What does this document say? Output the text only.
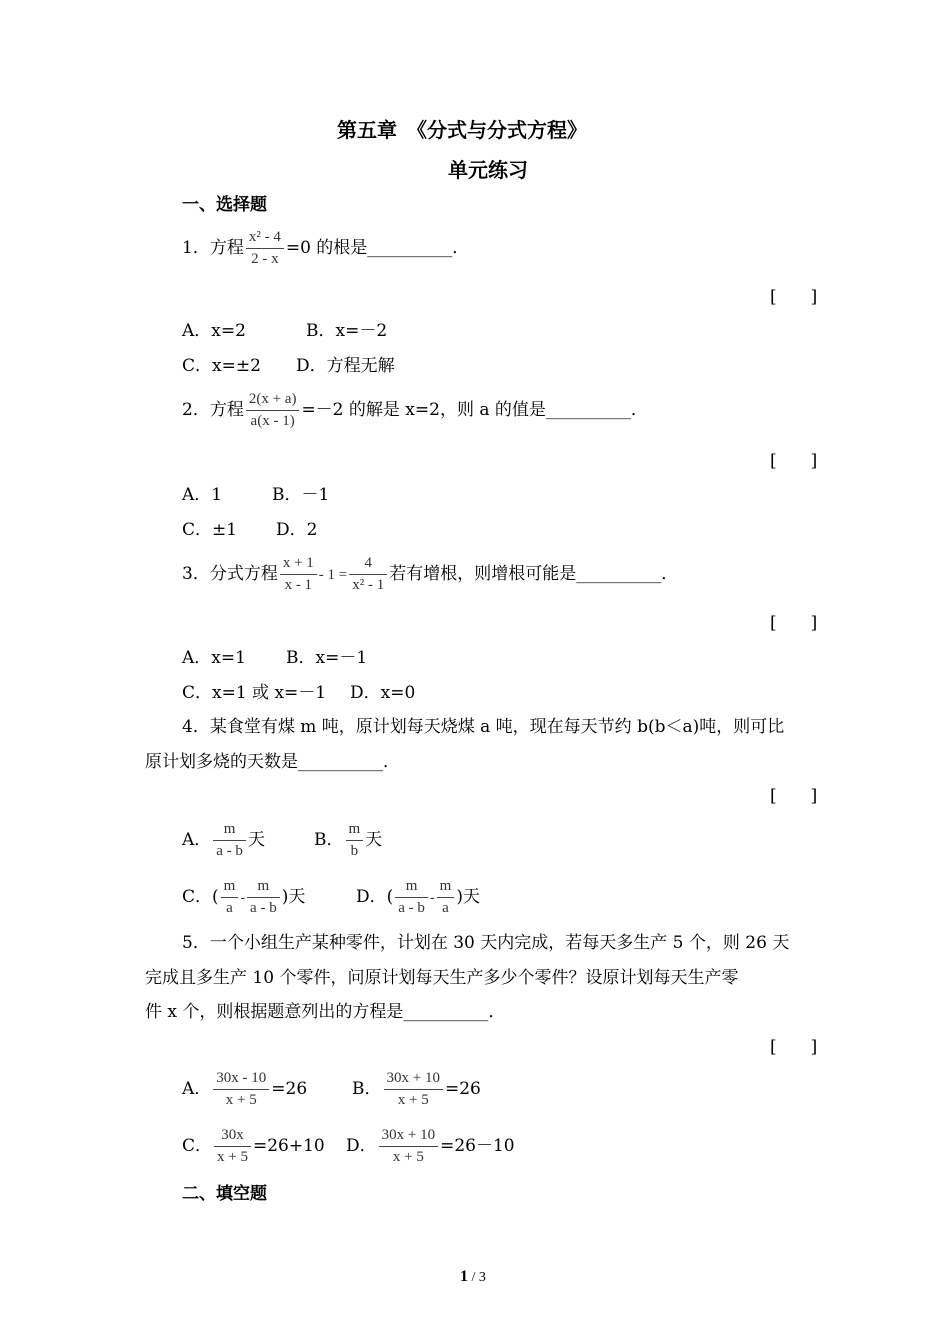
第五章　《分式与分式方程》
单元练习
一、选择题
1．方程 $\frac{\text{x² - 4}}{2 - x} =0$ 的根是__________．
[　　]
A．x=2	B．x=－2
C．x=±2 D．方程无解
2．方程 $\frac{2(x + a)}{a(x - 1)} =-2$ 的解是 x=2，则 a 的值是__________．
[　　]
A．1	B．－1
C．±1 D．2
3．分式方程 $\frac{x + 1}{x - 1} - 1 = \frac{4}{\text{x² - 1}}$ 若有增根，则增根可能是__________．
[　　]
A．x=1 B．x=－1
C．x=1 或 x=－1 D．x=0
4．某食堂有煤 m 吨，原计划每天烧煤 a 吨，现在每天节约 b(b＜a)吨，则可比
原计划多烧的天数是__________．
[　　]
A． $\frac{m}{a - b}$ 天	B． $\frac{m}{b}$ 天
C．( $\frac{m}{a} - \frac{m}{a - b}$ )天	D．( $\frac{m}{a - b} - \frac{m}{a}$ )天
5．一个小组生产某种零件，计划在 30 天内完成，若每天多生产 5 个，则 26 天
完成且多生产 10 个零件，问原计划每天生产多少个零件？设原计划每天生产零
件 x 个，则根据题意列出的方程是__________．
[　　]
A． $\frac{30x - 10}{x + 5} =26$	B． $\frac{30x + 10}{x + 5} =26$
C． $\frac{30x}{x + 5} =26+10$ D． $\frac{30x + 10}{x + 5} =26-10$
二、填空题
1 / 3
